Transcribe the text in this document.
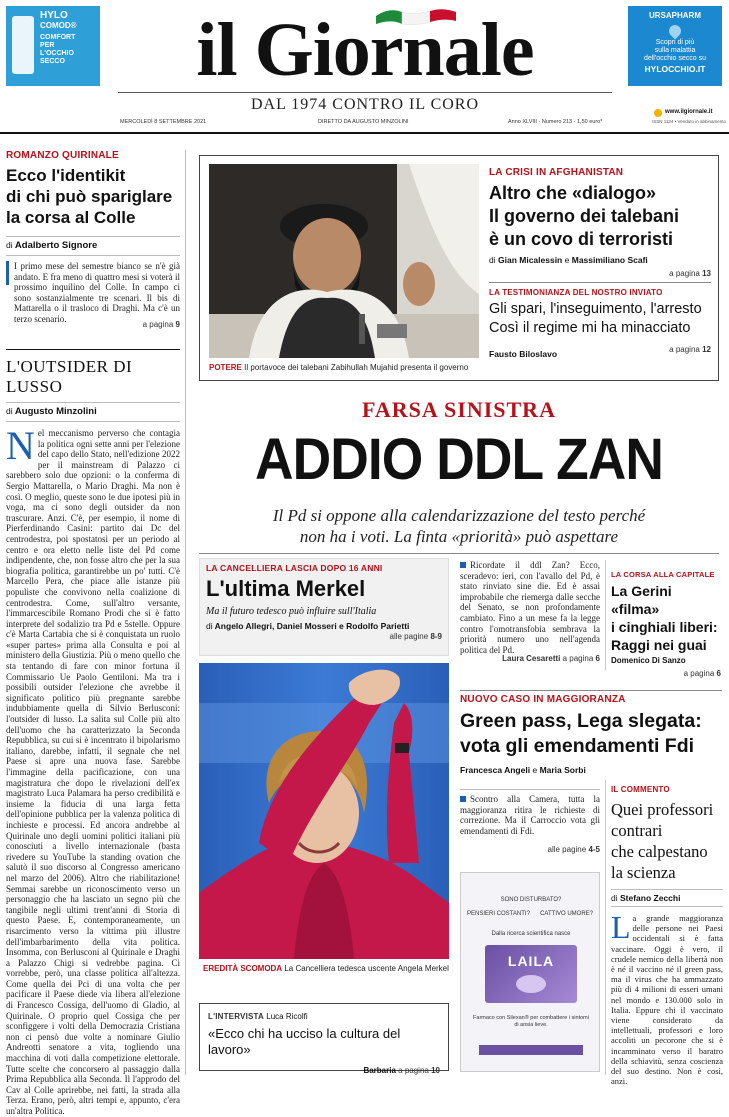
HYLO
COMOD®
COMFORT
PER
L'OCCHIO
SECCO	il Giornale
DAL 1974 CONTRO IL CORO
URSAPHARM
Scopri di più
sulla malattia
dell'occhio secco su
HYLOCCHIO.IT
MERCOLEDÌ 8 SETTEMBRE 2021	DIRETTO DA AUGUSTO MINZOLINI	Anno XLVIII · Numero 213 · 1,50 euro*
www.ilgiornale.it
ISSN 1124 • Venduto in abbinamento
ROMANZO QUIRINALE
Ecco l'identikit
di chi può spariglare
la corsa al Colle
di Adalberto Signore
I primo mese del semestre bianco se n'è già andato. E fra meno di quattro mesi si voterà il prossimo inquilino del Colle. In campo ci sono sostanzialmente tre scenari. Il bis di Mattarella o il trasloco di Draghi. Ma c'è un terzo scenario.
a pagina 9
L'OUTSIDER DI LUSSO
di Augusto Minzolini
N el meccanismo perverso che contagia la politica ogni sette anni per l'elezione del capo dello Stato, nell'edizione 2022 per il mainstream di Palazzo ci sarebbero solo due opzioni: o la conferma di Sergio Mattarella, o Mario Draghi. Ma non è così. O meglio, queste sono le due ipotesi più in voga, ma ci sono degli outsider da non trascurare. Anzi. C'è, per esempio, il nome di Pierferdinando Casini: partito dai Dc del centrodestra, poi spostatosi per un periodo al centro e ora eletto nelle liste del Pd come indipendente, che, non fosse altro che per la sua biografia politica, garantirebbe un po' tutti. C'è Marcello Pera, che piace alle istanze più populiste che convivono nella coalizione di centrodestra. Come, sull'altro versante, l'immarcescibile Romano Prodi che si è fatto interprete del sodalizio tra Pd e 5stelle. Oppure c'è Marta Cartabia che si è conquistata un ruolo «super partes» prima alla Consulta e poi al ministero della Giustizia. Più o meno quello che sta tentando di fare con minor fortuna il Commissario Ue Paolo Gentiloni. Ma tra i possibili outsider l'elezione che avrebbe il significato politico più pregnante sarebbe indubbiamente quella di Silvio Berlusconi: l'outsider di lusso. La salita sul Colle più alto dell'uomo che ha caratterizzato la Seconda Repubblica, su cui si è incentrato il bipolarismo italiano, darebbe, infatti, il segnale che nel Paese si apre una nuova fase. Sarebbe l'immagine della pacificazione, con una magistratura che dopo le rivelazioni dell'ex magistrato Luca Palamara ha perso credibilità e insieme la fiducia di una larga fetta dell'opinione pubblica per la valenza politica di inchieste e processi. Ed ancora andrebbe al Quirinale uno degli uomini politici italiani più conosciuti a livello internazionale (basta rivedere su YouTube la standing ovation che salutò il suo discorso al Congresso americano nel marzo del 2006). Altro che riabilitazione! Semmai sarebbe un riconoscimento verso un personaggio che ha lasciato un segno più che tangibile negli ultimi trent'anni di Storia di questo Paese. E, contemporaneamente, un risarcimento verso la vittima più illustre dell'imbarbarimento della vita politica. Insomma, con Berlusconi al Quirinale e Draghi a Palazzo Chigi si vedrebbe pagina. Ci vorrebbe, però, una classe politica all'altezza. Come quella dei Pci di una volta che per pacificare il Paese diede via libera all'elezione di Francesco Cossiga, dell'uomo di Gladio, al Quirinale. O proprio quel Cossiga che per sconfiggere i volti della Democrazia Cristiana non ci pensò due volte a nominare Giulio Andreotti senatore a vita, togliendo una macchina di voti dalla competizione elettorale. Tutte scelte che concorsero al passaggio dalla Prima Repubblica alla Seconda. Il l'approdo del Cav al Colle aprirebbe, nei fatti, la strada alla Terza. Erano, però, altri tempi e, appunto, c'era un'altra Politica.
POTERE Il portavoce dei talebani Zabihullah Mujahid presenta il governo
LA CRISI IN AFGHANISTAN
Altro che «dialogo»
Il governo dei talebani
è un covo di terroristi
di Gian Micalessin e Massimiliano Scafi
a pagina 13
LA TESTIMONIANZA DEL NOSTRO INVIATO
Gli spari, l'inseguimento, l'arresto
Così il regime mi ha minacciato
Fausto Biloslavo	a pagina 12
FARSA SINISTRA
ADDIO DDL ZAN
Il Pd si oppone alla calendarizzazione del testo perché
non ha i voti. La finta «priorità» può aspettare
LA CANCELLIERA LASCIA DOPO 16 ANNI
L'ultima Merkel
Ma il futuro tedesco può influire sull'Italia
di Angelo Allegri, Daniel Mosseri e Rodolfo Parietti
alle pagine 8-9
EREDITÀ SCOMODA La Cancelliera tedesca uscente Angela Merkel
L'INTERVISTA Luca Ricolfi
«Ecco chi ha ucciso la cultura del lavoro»
Barbaria a pagina 10
Ricordate il ddl Zan? Ecco, sceradevo: ieri, con l'avallo del Pd, è stato rinviato sine die. Ed è assai improbabile che riemerga dalle secche del Senato, se non profondamente cambiato. Fino a un mese fa la legge contro l'omotransfobia sembrava la priorità numero uno nell'agenda politica del Pd.
Laura Cesaretti a pagina 6
LA CORSA ALLA CAPITALE
La Gerini «filma»
i cinghiali liberi:
Raggi nei guai
Domenico Di Sanzo
a pagina 6
NUOVO CASO IN MAGGIORANZA
Green pass, Lega slegata:
vota gli emendamenti Fdi
Francesca Angeli e Maria Sorbi
Scontro alla Camera, tutta la maggioranza ritira le richieste di correzione. Ma il Carroccio vota gli emendamenti di Fdi.
alle pagine 4-5
IL COMMENTO
Quei professori
contrari
che calpestano
la scienza
di Stefano Zecchi
L a grande maggioranza delle persone nei Paesi occidentali si è fatta vaccinare. Oggi è vero, il crudele nemico della libertà non è né il vaccino né il green pass, ma il virus che ha ammazzato più di 4 milioni di esseri umani nel mondo e 130.000 solo in Italia. Eppure chi il vaccinato viene considerato da intellettuali, professori e loro accoliti un pecorone che si è incamminato verso il baratro della schiavitù, senza coscienza del suo destino. Non è così, anzi.
SONO DISTURBATO?
PENSIERI COSTANTI? CATTIVO UMORE?
Dalla ricerca scientifica nasce
LAILA
Farmaco con Silexan® per combattere i sintomi di ansia lieve.
